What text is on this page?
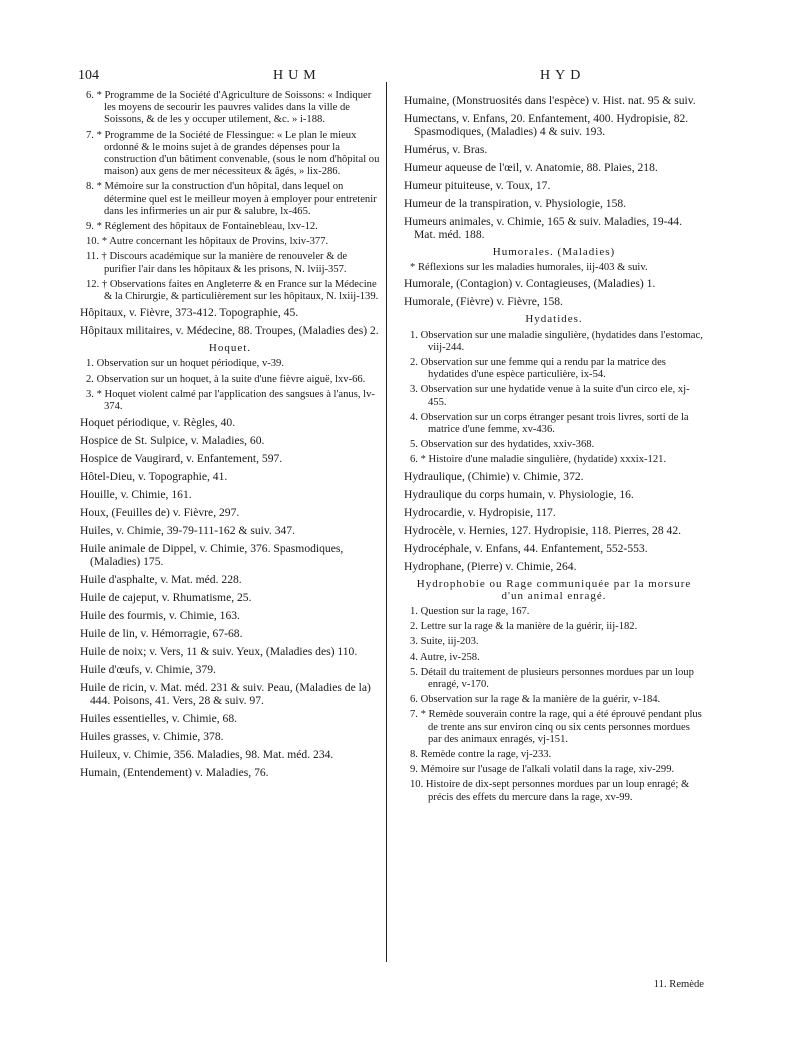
104	HUM	HYD
6. * Programme de la Société d'Agriculture de Soissons: « Indiquer les moyens de secourir les pauvres valides dans la ville de Soissons, & de les y occuper utilement, &c. » i-188.
7. * Programme de la Société de Flessingue: « Le plan le mieux ordonné & le moins sujet à de grandes dépenses pour la construction d'un bâtiment convenable, (sous le nom d'hôpital ou maison) aux gens de mer nécessiteux & âgés, » lix-286.
8. * Mémoire sur la construction d'un hôpital, dans lequel on détermine quel est le meilleur moyen à employer pour entretenir dans les infirmeries un air pur & salubre, lx-465.
9. * Réglement des hôpitaux de Fontainebleau, lxv-12.
10. * Autre concernant les hôpitaux de Provins, lxiv-377.
11. † Discours académique sur la manière de renouveler & de purifier l'air dans les hôpitaux & les prisons, N. lviij-357.
12. † Observations faites en Angleterre & en France sur la Médecine & la Chirurgie, & particulièrement sur les hôpitaux, N. lxiij-139.
Hôpitaux, v. Fièvre, 373-412. Topographie, 45.
Hôpitaux militaires, v. Médecine, 88. Troupes, (Maladies des) 2.
Hoquet.
1. Observation sur un hoquet périodique, v-39.
2. Observation sur un hoquet, à la suite d'une fièvre aiguë, lxv-66.
3. * Hoquet violent calmé par l'application des sangsues à l'anus, lv-374.
Hoquet périodique, v. Règles, 40.
Hospice de St. Sulpice, v. Maladies, 60.
Hospice de Vaugirard, v. Enfantement, 597.
Hôtel-Dieu, v. Topographie, 41.
Houille, v. Chimie, 161.
Houx, (Feuilles de) v. Fièvre, 297.
Huiles, v. Chimie, 39-79-111-162 & suiv. 347.
Huile animale de Dippel, v. Chimie, 376. Spasmodiques, (Maladies) 175.
Huile d'asphalte, v. Mat. méd. 228.
Huile de cajeput, v. Rhumatisme, 25.
Huile des fourmis, v. Chimie, 163.
Huile de lin, v. Hémorragie, 67-68.
Huile de noix; v. Vers, 11 & suiv. Yeux, (Maladies des) 110.
Huile d'œufs, v. Chimie, 379.
Huile de ricin, v. Mat. méd. 231 & suiv. Peau, (Maladies de la) 444. Poisons, 41. Vers, 28 & suiv. 97.
Huiles essentielles, v. Chimie, 68.
Huiles grasses, v. Chimie, 378.
Huileux, v. Chimie, 356. Maladies, 98. Mat. méd. 234.
Humain, (Entendement) v. Maladies, 76.
Humaine, (Monstruosités dans l'espèce) v. Hist. nat. 95 & suiv.
Humectans, v. Enfans, 20. Enfantement, 400. Hydropisie, 82. Spasmodiques, (Maladies) 4 & suiv. 193.
Humérus, v. Bras.
Humeur aqueuse de l'œil, v. Anatomie, 88. Plaies, 218.
Humeur pituiteuse, v. Toux, 17.
Humeur de la transpiration, v. Physiologie, 158.
Humeurs animales, v. Chimie, 165 & suiv. Maladies, 19-44. Mat. méd. 188.
Humorales. (Maladies)
* Réflexions sur les maladies humorales, iij-403 & suiv.
Humorale, (Contagion) v. Contagieuses, (Maladies) 1.
Humorale, (Fièvre) v. Fièvre, 158.
Hydatides.
1. Observation sur une maladie singulière, (hydatides dans l'estomac, viij-244.
2. Observation sur une femme qui a rendu par la matrice des hydatides d'une espèce particulière, ix-54.
3. Observation sur une hydatide venue à la suite d'un circo ele, xj-455.
4. Observation sur un corps étranger pesant trois livres, sorti de la matrice d'une femme, xv-436.
5. Observation sur des hydatides, xxiv-368.
6. * Histoire d'une maladie singulière, (hydatide) xxxix-121.
Hydraulique, (Chimie) v. Chimie, 372.
Hydraulique du corps humain, v. Physiologie, 16.
Hydrocardie, v. Hydropisie, 117.
Hydrocèle, v. Hernies, 127. Hydropisie, 118. Pierres, 28 42.
Hydrocéphale, v. Enfans, 44. Enfantement, 552-553.
Hydrophane, (Pierre) v. Chimie, 264.
Hydrophobie ou Rage communiquée par la morsure d'un animal enragé.
1. Question sur la rage, 167.
2. Lettre sur la rage & la manière de la guérir, iij-182.
3. Suite, iij-203.
4. Autre, iv-258.
5. Détail du traitement de plusieurs personnes mordues par un loup enragé, v-170.
6. Observation sur la rage & la manière de la guérir, v-184.
7. * Remède souverain contre la rage, qui a été éprouvé pendant plus de trente ans sur environ cinq ou six cents personnes mordues par des animaux enragés, vj-151.
8. Remède contre la rage, vj-233.
9. Mémoire sur l'usage de l'alkali volatil dans la rage, xiv-299.
10. Histoire de dix-sept personnes mordues par un loup enragé; & précis des effets du mercure dans la rage, xv-99.
11. Remède
